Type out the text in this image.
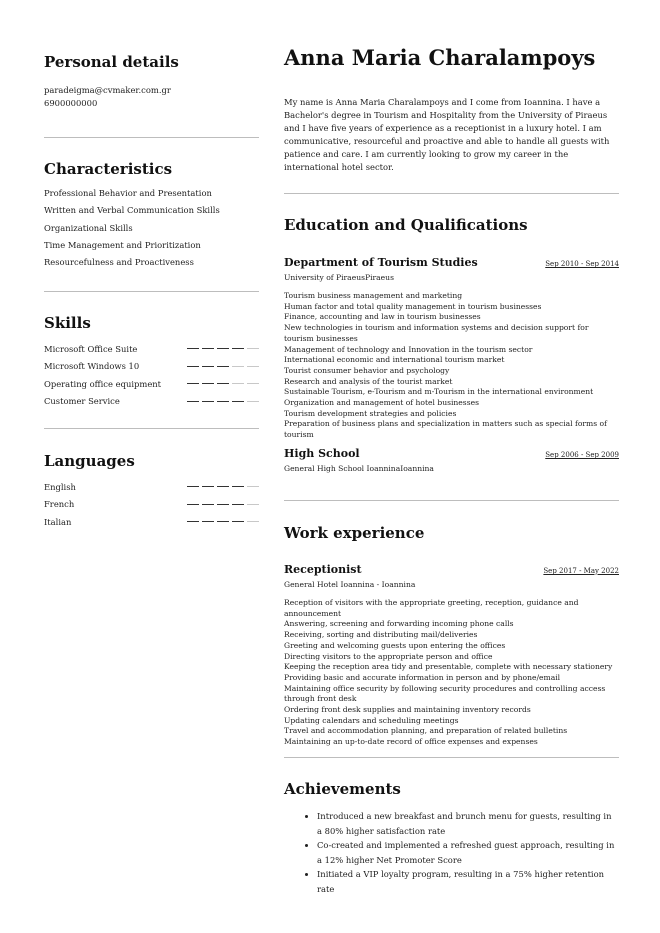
Personal details
paradeigma@cvmaker.com.gr
6900000000
Characteristics
Professional Behavior and Presentation
Written and Verbal Communication Skills
Organizational Skills
Time Management and Prioritization
Resourcefulness and Proactiveness
Skills
Microsoft Office Suite
Microsoft Windows 10
Operating office equipment
Customer Service
Languages
English
French
Italian
Anna Maria Charalampoys

My name is Anna Maria Charalampoys and I come from Ioannina. I have a Bachelor's degree in Tourism and Hospitality from the University of Piraeus and I have five years of experience as a receptionist in a luxury hotel. I am communicative, resourceful and proactive and able to handle all guests with patience and care. I am currently looking to grow my career in the international hotel sector.

Education and Qualifications
Department of Tourism Studies	Sep 2010 - Sep 2014
University of PiraeusPiraeus
Tourism business management and marketing
Human factor and total quality management in tourism businesses
Finance, accounting and law in tourism businesses
New technologies in tourism and information systems and decision support for tourism businesses
Management of technology and Innovation in the tourism sector
International economic and international tourism market
Tourist consumer behavior and psychology
Research and analysis of the tourist market
Sustainable Tourism, e-Tourism and m-Tourism in the international environment
Organization and management of hotel businesses
Tourism development strategies and policies
Preparation of business plans and specialization in matters such as special forms of tourism
High School	Sep 2006 - Sep 2009
General High School IoanninaIoannina
Work experience
Receptionist	Sep 2017 - May 2022
General Hotel Ioannina - Ioannina
Reception of visitors with the appropriate greeting, reception, guidance and announcement
Answering, screening and forwarding incoming phone calls
Receiving, sorting and distributing mail/deliveries
Greeting and welcoming guests upon entering the offices
Directing visitors to the appropriate person and office
Keeping the reception area tidy and presentable, complete with necessary stationery
Providing basic and accurate information in person and by phone/email
Maintaining office security by following security procedures and controlling access through front desk
Ordering front desk supplies and maintaining inventory records
Updating calendars and scheduling meetings
Travel and accommodation planning, and preparation of related bulletins
Maintaining an up-to-date record of office expenses and expenses
Achievements
• Introduced a new breakfast and brunch menu for guests, resulting in a 80% higher satisfaction rate
• Co-created and implemented a refreshed guest approach, resulting in a 12% higher Net Promoter Score
• Initiated a VIP loyalty program, resulting in a 75% higher retention rate
